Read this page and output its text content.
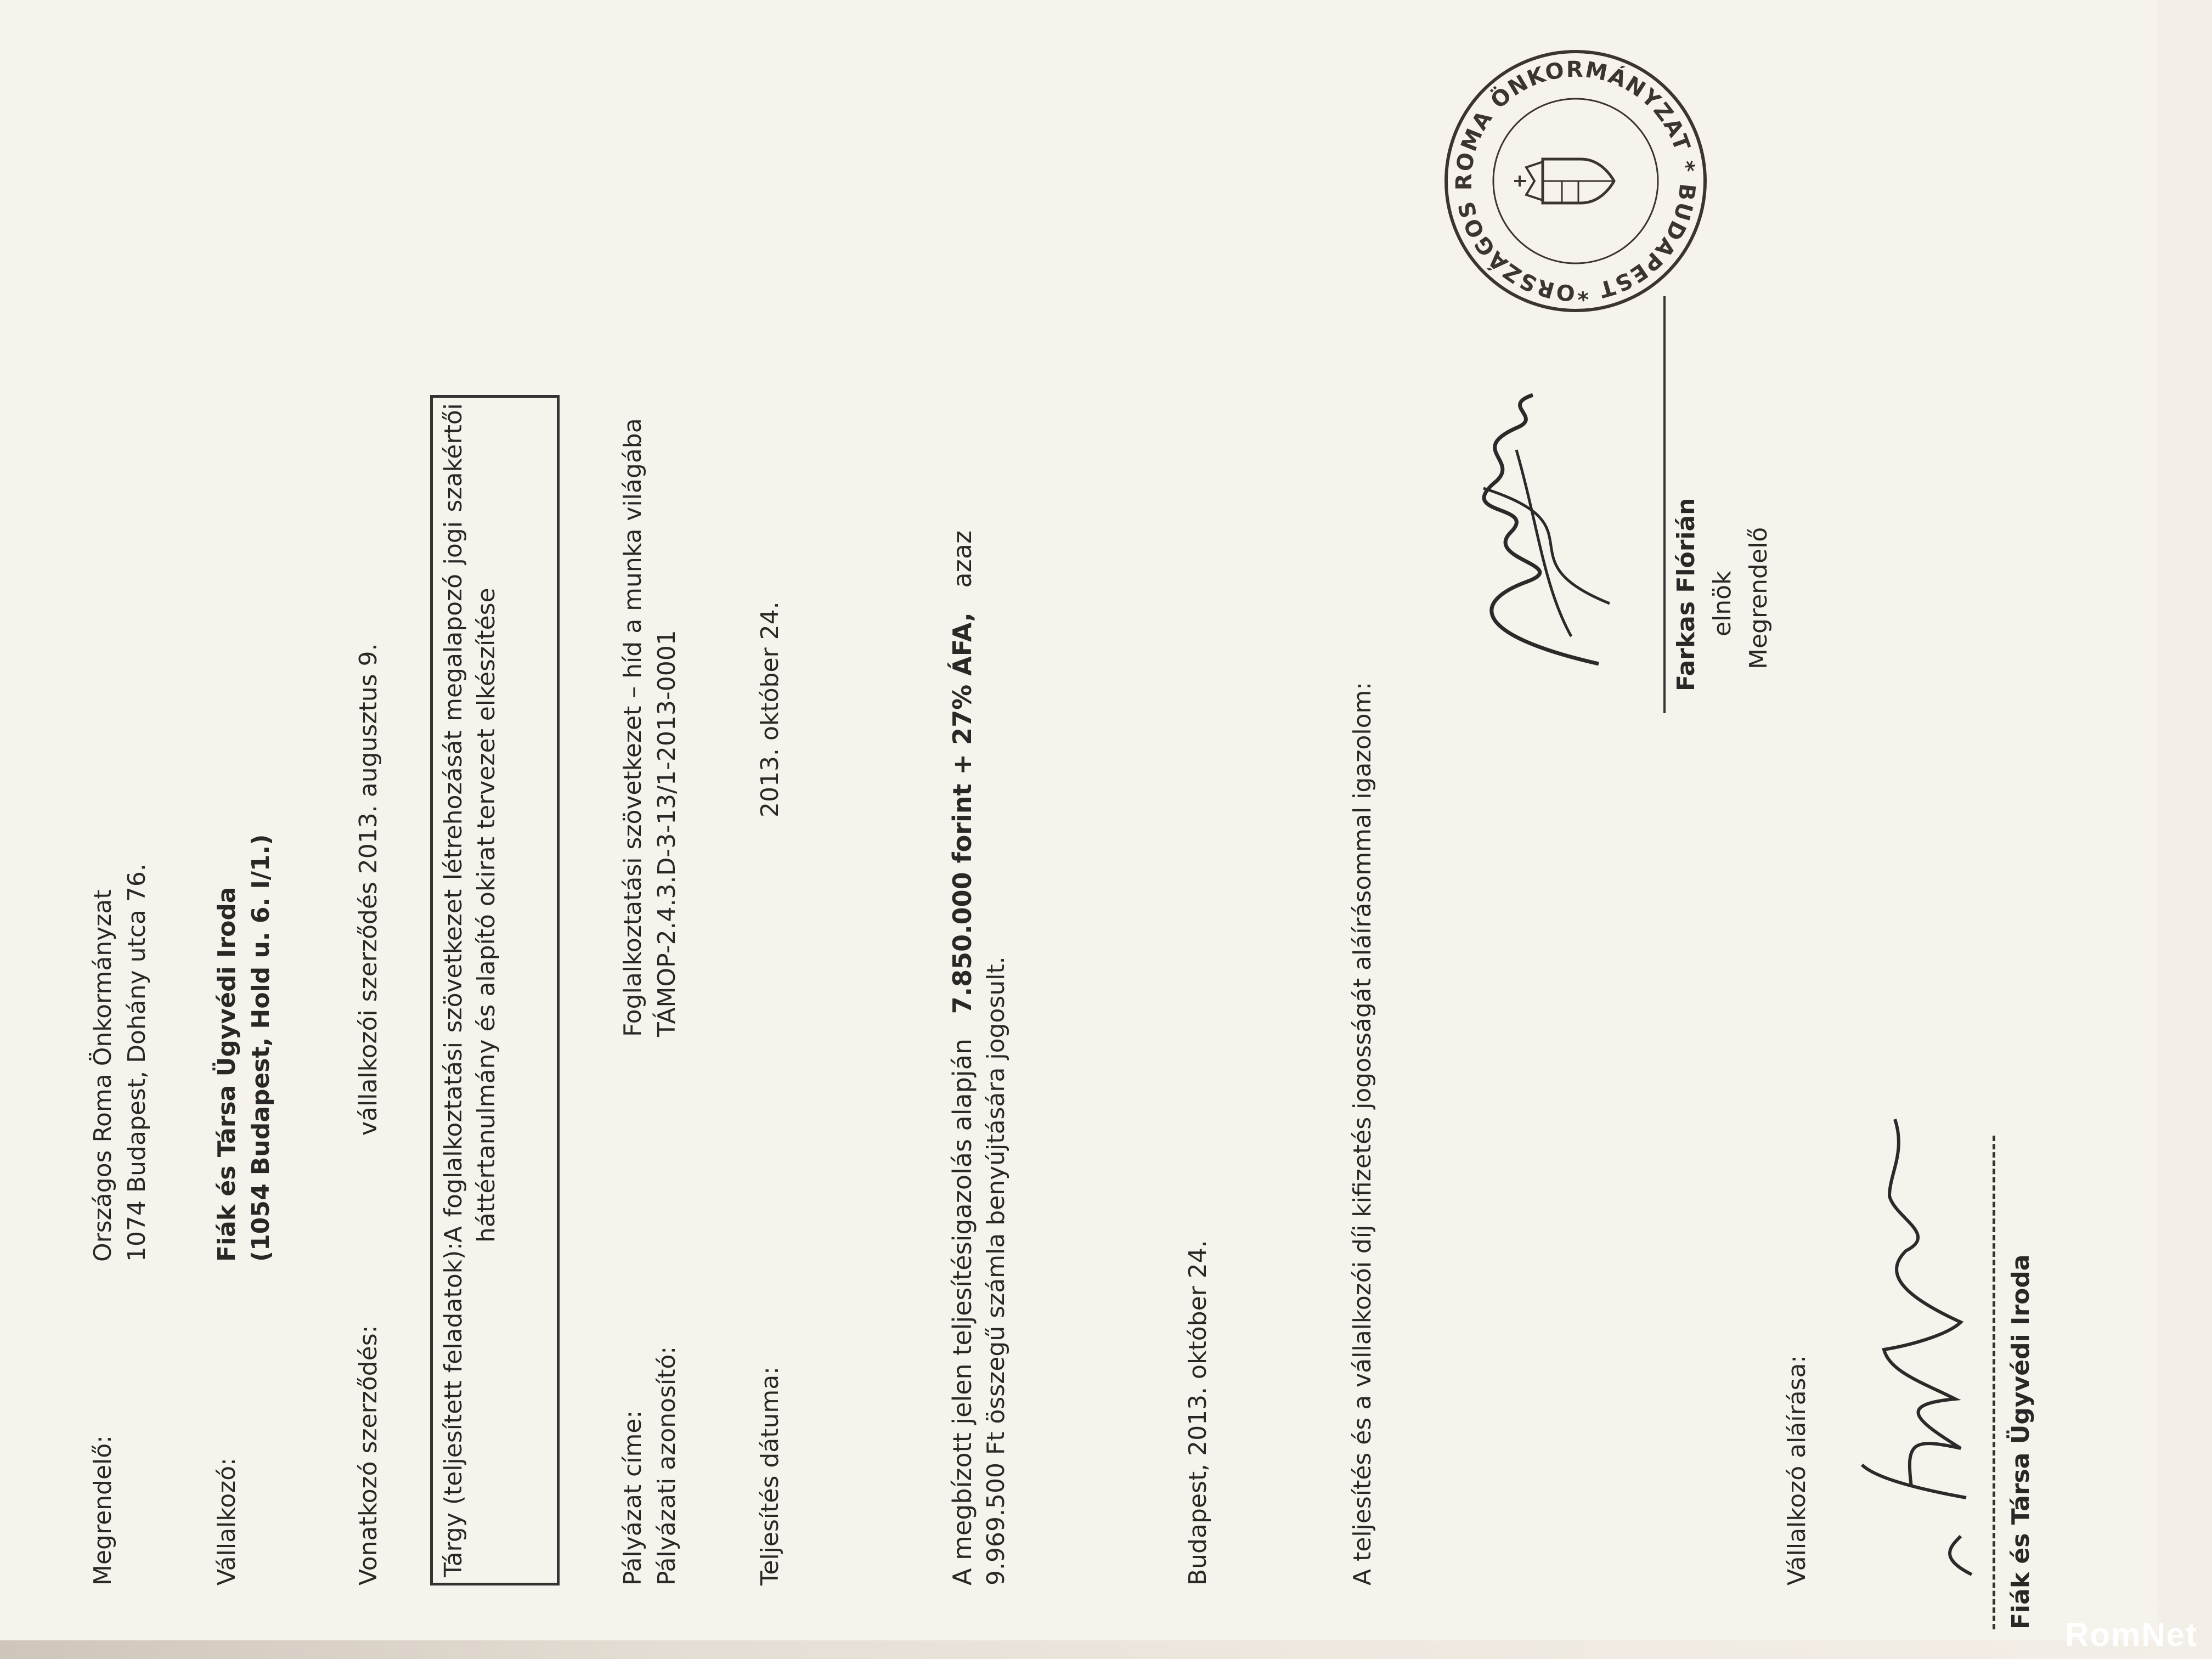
Megrendelő:
Országos Roma Önkormányzat 1074 Budapest, Dohány utca 76.
Vállalkozó:
Fiák és Társa Ügyvédi Iroda (1054 Budapest, Hold u. 6. I/1.)
Vonatkozó szerződés:
vállalkozói szerződés 2013. augusztus 9.
Tárgy (teljesített feladatok):
A foglalkoztatási szövetkezet létrehozását megalapozó jogi szakértői háttértanulmány és alapító okirat tervezet elkészítése
Pályázat címe:
Foglalkoztatási szövetkezet – híd a munka világába
Pályázati azonosító:
TÁMOP-2.4.3.D-3-13/1-2013-0001
Teljesítés dátuma:
2013. október 24.
A megbízott jelen teljesítésigazolás alapján 7.850.000 forint + 27% ÁFA, azaz
9.969.500 Ft összegű számla benyújtására jogosult.	Budapest, 2013. október 24.	A teljesítés és a vállalkozói díj kifizetés jogosságát aláírásommal igazolom:
Farkas Flórián elnök Megrendelő
ORSZÁGOS ROMA ÖNKORMÁNYZAT * BUDAPEST *
Vállalkozó aláírása:	Fiák és Társa Ügyvédi Iroda
RomNet
